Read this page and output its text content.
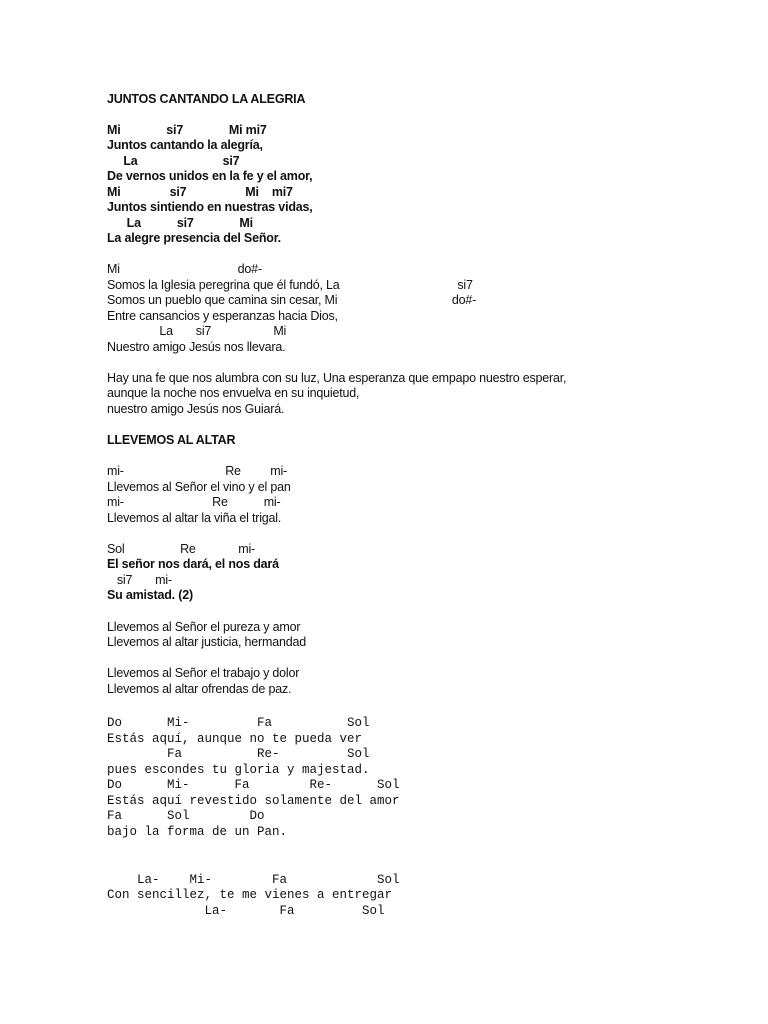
JUNTOS CANTANDO LA ALEGRIA
Mi              si7              Mi mi7
Juntos cantando la alegría,
La                          si7
De vernos unidos en la fe y el amor,
Mi               si7                  Mi    mi7
Juntos sintiendo en nuestras vidas,
La           si7              Mi
La alegre presencia del Señor.
Mi                                    do#-
Somos la Iglesia peregrina que él fundó, La                                    si7
Somos un pueblo que camina sin cesar, Mi                                   do#-
Entre cansancios y esperanzas hacia Dios,
La       si7                   Mi
Nuestro amigo Jesús nos llevara.
Hay una fe que nos alumbra con su luz, Una esperanza que empapo nuestro esperar,
aunque la noche nos envuelva en su inquietud,
nuestro amigo Jesús nos Guiará.
LLEVEMOS AL ALTAR
mi-                               Re         mi-
Llevemos al Señor el vino y el pan
mi-                           Re           mi-
Llevemos al altar la viña el trigal.
Sol                 Re             mi-
El señor nos dará, el nos dará
si7       mi-
Su amistad. (2)
Llevemos al Señor el pureza y amor
Llevemos al altar justicia, hermandad
Llevemos al Señor el trabajo y dolor
Llevemos al altar ofrendas de paz.
Do      Mi-         Fa          Sol
Estás aquí, aunque no te pueda ver
Fa          Re-         Sol
pues escondes tu gloria y majestad.
Do      Mi-      Fa        Re-      Sol
Estás aquí revestido solamente del amor
Fa      Sol        Do
bajo la forma de un Pan.
La-    Mi-        Fa            Sol
Con sencillez, te me vienes a entregar
La-       Fa         Sol
